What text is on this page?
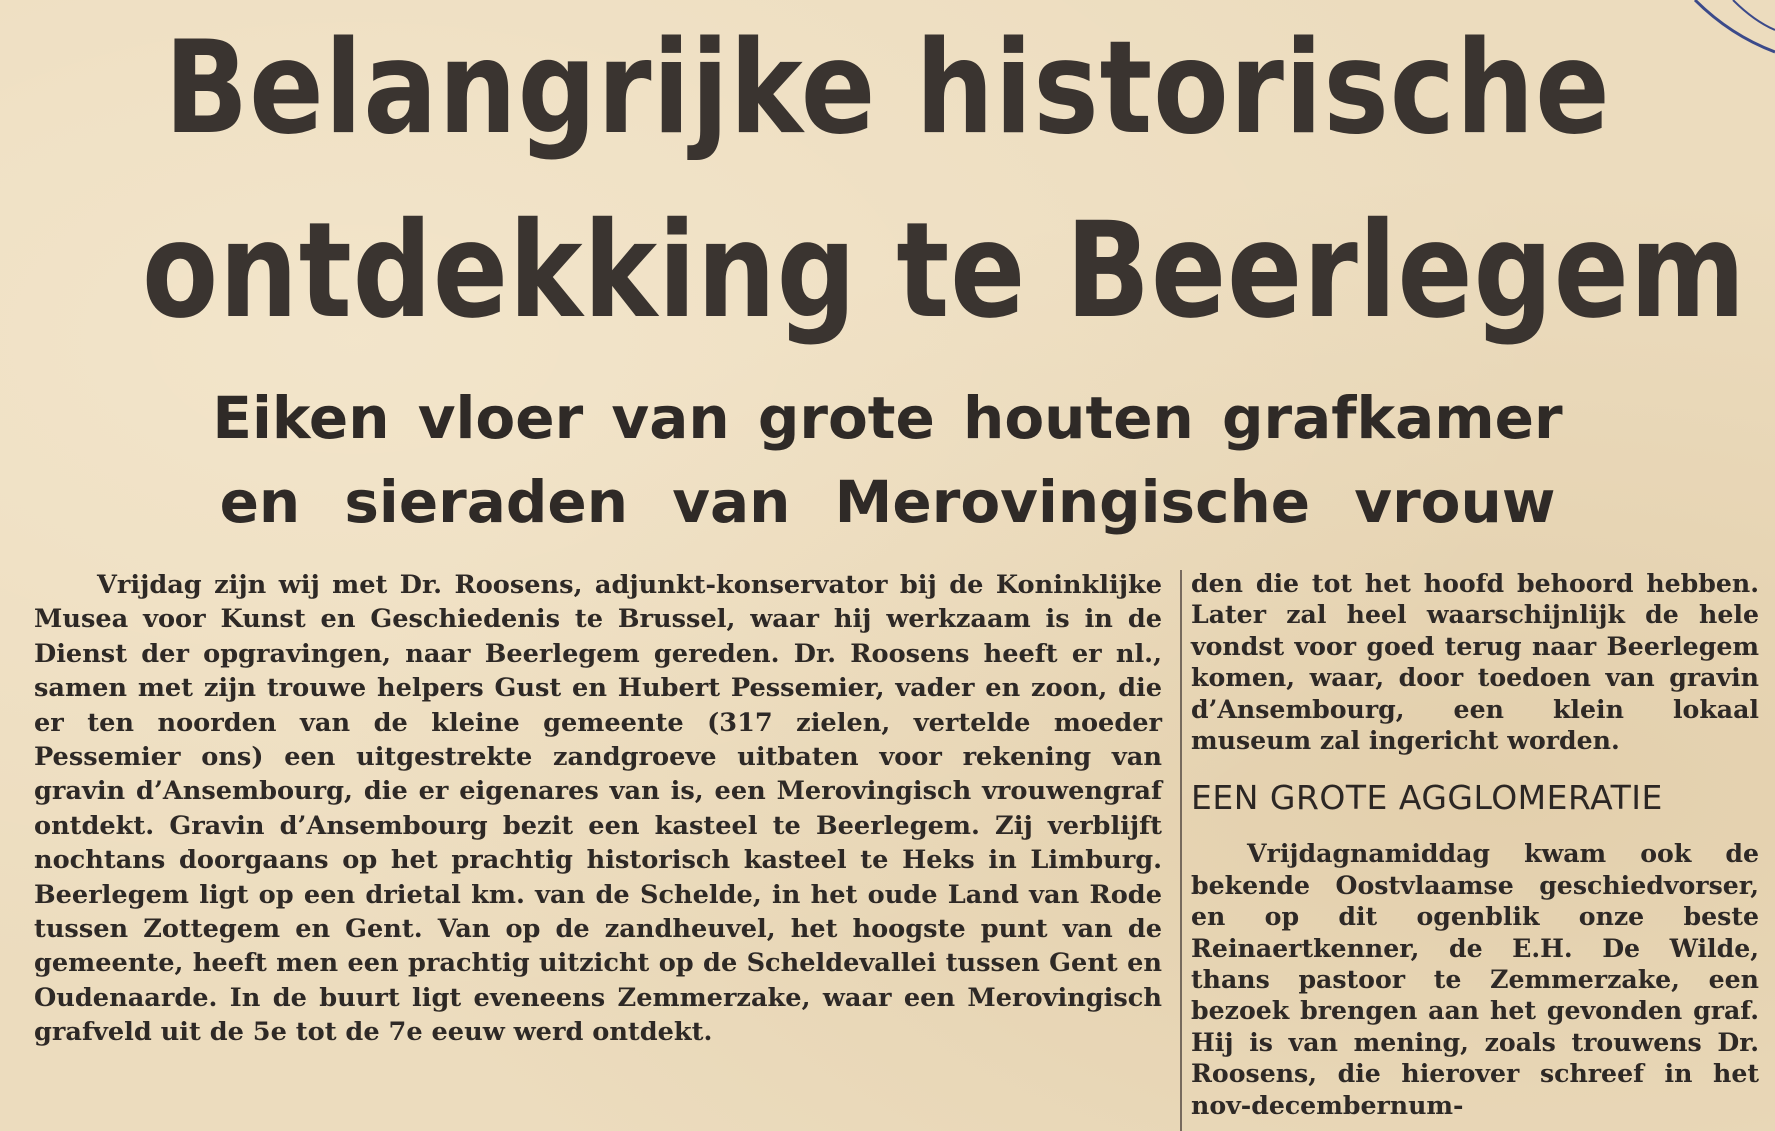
Belangrijke historische
ontdekking te Beerlegem
Eiken vloer van grote houten grafkamer
en sieraden van Merovingische vrouw

Vrijdag zijn wij met Dr. Roosens, adjunkt-konservator bij de Koninklijke Musea voor Kunst en Geschiedenis te Brussel, waar hij werkzaam is in de Dienst der opgravingen, naar Beerlegem gereden. Dr. Roosens heeft er nl., samen met zijn trouwe helpers Gust en Hubert Pessemier, vader en zoon, die er ten noorden van de kleine gemeente (317 zielen, vertelde moeder Pessemier ons) een uitgestrekte zandgroeve uitbaten voor rekening van gravin d’Ansembourg, die er eigenares van is, een Merovingisch vrouwengraf ontdekt. Gravin d’Ansembourg bezit een kasteel te Beerlegem. Zij verblijft nochtans doorgaans op het prachtig historisch kasteel te Heks in Limburg. Beerlegem ligt op een drietal km. van de Schelde, in het oude Land van Rode tussen Zottegem en Gent. Van op de zandheuvel, het hoogste punt van de gemeente, heeft men een prachtig uitzicht op de Scheldevallei tussen Gent en Oudenaarde. In de buurt ligt eveneens Zemmerzake, waar een Merovingisch grafveld uit de 5e tot de 7e eeuw werd ontdekt.

den die tot het hoofd behoord hebben. Later zal heel waarschijnlijk de hele vondst voor goed terug naar Beerlegem komen, waar, door toedoen van gravin d’Ansembourg, een klein lokaal museum zal ingericht worden.

EEN GROTE AGGLOMERATIE

Vrijdagnamiddag kwam ook de bekende Oostvlaamse geschiedvorser, en op dit ogenblik onze beste Reinaertkenner, de E.H. De Wilde, thans pastoor te Zemmerzake, een bezoek brengen aan het gevonden graf. Hij is van mening, zoals trouwens Dr. Roosens, die hierover schreef in het nov-decembernum-
